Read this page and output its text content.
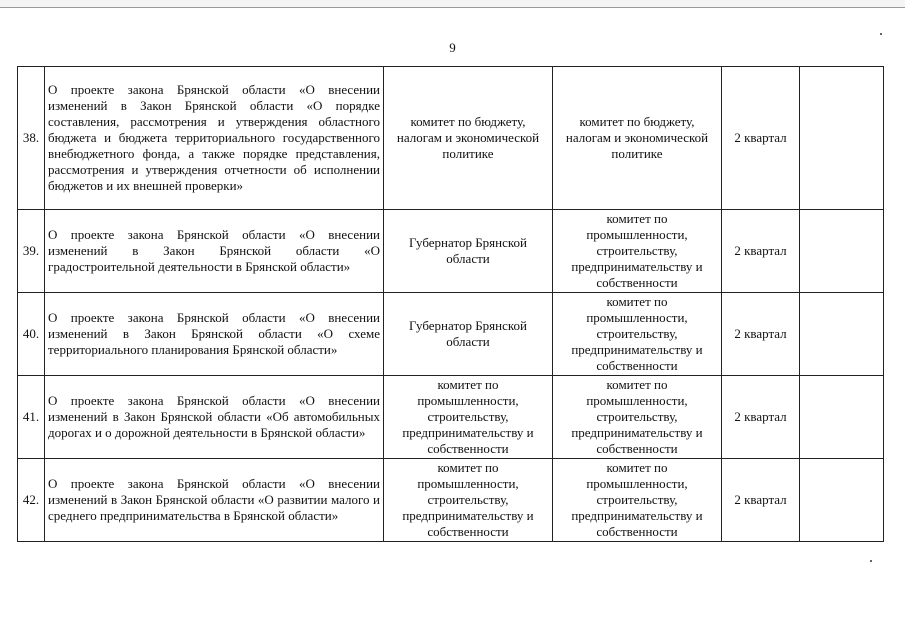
9
38.	О проекте закона Брянской области «О внесении изменений в Закон Брянской области «О порядке составления, рассмотрения и утверждения областного бюджета и бюджета территориального государственного внебюджетного фонда, а также порядке представления, рассмотрения и утверждения отчетности об исполнении бюджетов и их внешней проверки»	комитет по бюджету, налогам и экономической политике	комитет по бюджету, налогам и экономической политике	2 квартал	
39.	О проекте закона Брянской области «О внесении изменений в Закон Брянской области «О градостроительной деятельности в Брянской области»	Губернатор Брянской области	комитет по промышленности, строительству, предпринимательству и собственности	2 квартал	
40.	О проекте закона Брянской области «О внесении изменений в Закон Брянской области «О схеме территориального планирования Брянской области»	Губернатор Брянской области	комитет по промышленности, строительству, предпринимательству и собственности	2 квартал	
41.	О проекте закона Брянской области «О внесении изменений в Закон Брянской области «Об автомобильных дорогах и о дорожной деятельности в Брянской области»	комитет по промышленности, строительству, предпринимательству и собственности	комитет по промышленности, строительству, предпринимательству и собственности	2 квартал	
42.	О проекте закона Брянской области «О внесении изменений в Закон Брянской области «О развитии малого и среднего предпринимательства в Брянской области»	комитет по промышленности, строительству, предпринимательству и собственности	комитет по промышленности, строительству, предпринимательству и собственности	2 квартал	
